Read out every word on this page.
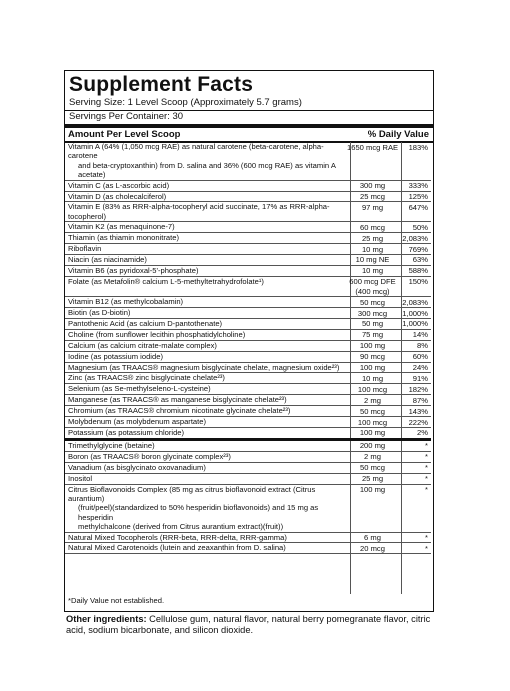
Supplement Facts
Serving Size: 1 Level Scoop (Approximately 5.7 grams)
Servings Per Container: 30
Amount Per Level Scoop	% Daily Value
Vitamin A (64% (1,050 mcg RAE) as natural carotene (beta-carotene, alpha-carotene
and beta-cryptoxanthin) from D. salina and 36% (600 mcg RAE) as vitamin A acetate)
1650 mcg RAE	183%
Vitamin C (as L-ascorbic acid)	300 mg	333%
Vitamin D (as cholecalciferol)	25 mcg	125%
Vitamin E (83% as RRR-alpha-tocopheryl acid succinate, 17% as RRR-alpha-tocopherol)
97 mg	647%
Vitamin K2 (as menaquinone-7)	60 mcg	50%
Thiamin (as thiamin mononitrate)	25 mg	2,083%
Riboflavin	10 mg	769%
Niacin (as niacinamide)	10 mg NE	63%
Vitamin B6 (as pyridoxal-5'-phosphate)	10 mg	588%
Folate (as Metafolin® calcium L-5-methyltetrahydrofolate¹)	600 mcg DFE
(400 mcg)
150%
Vitamin B12 (as methylcobalamin)	50 mcg	2,083%
Biotin (as D-biotin)	300 mcg	1,000%
Pantothenic Acid (as calcium D-pantothenate)	50 mg	1,000%
Choline (from sunflower lecithin phosphatidylcholine)	75 mg	14%
Calcium (as calcium citrate-malate complex)	100 mg	8%
Iodine (as potassium iodide)	90 mcg	60%
Magnesium (as TRAACS® magnesium bisglycinate chelate, magnesium oxide²³)	100 mg	24%
Zinc (as TRAACS® zinc bisglycinate chelate²³)	10 mg	91%
Selenium (as Se-methylseleno-L-cysteine)	100 mcg	182%
Manganese (as TRAACS® as manganese bisglycinate chelate²³)	2 mg	87%
Chromium (as TRAACS® chromium nicotinate glycinate chelate²³)	50 mcg	143%
Molybdenum (as molybdenum aspartate)	100 mcg	222%
Potassium (as potassium chloride)	100 mg	2%
Trimethylglycine (betaine)	200 mg	*
Boron (as TRAACS® boron glycinate complex²³)	2 mg	*
Vanadium (as bisglycinato oxovanadium)	50 mcg	*
Inositol	25 mg	*
Citrus Bioflavonoids Complex (85 mg as citrus bioflavonoid extract (Citrus aurantium)
(fruit/peel)(standardized to 50% hesperidin bioflavonoids) and 15 mg as hesperidin
methylchalcone (derived from Citrus aurantium extract)(fruit))
100 mg	*
Natural Mixed Tocopherols (RRR-beta, RRR-delta, RRR-gamma)	6 mg	*
Natural Mixed Carotenoids (lutein and zeaxanthin from D. salina)	20 mcg	*
*Daily Value not established.
Other ingredients: Cellulose gum, natural flavor, natural berry pomegranate flavor, citric acid, sodium bicarbonate, and silicon dioxide.
